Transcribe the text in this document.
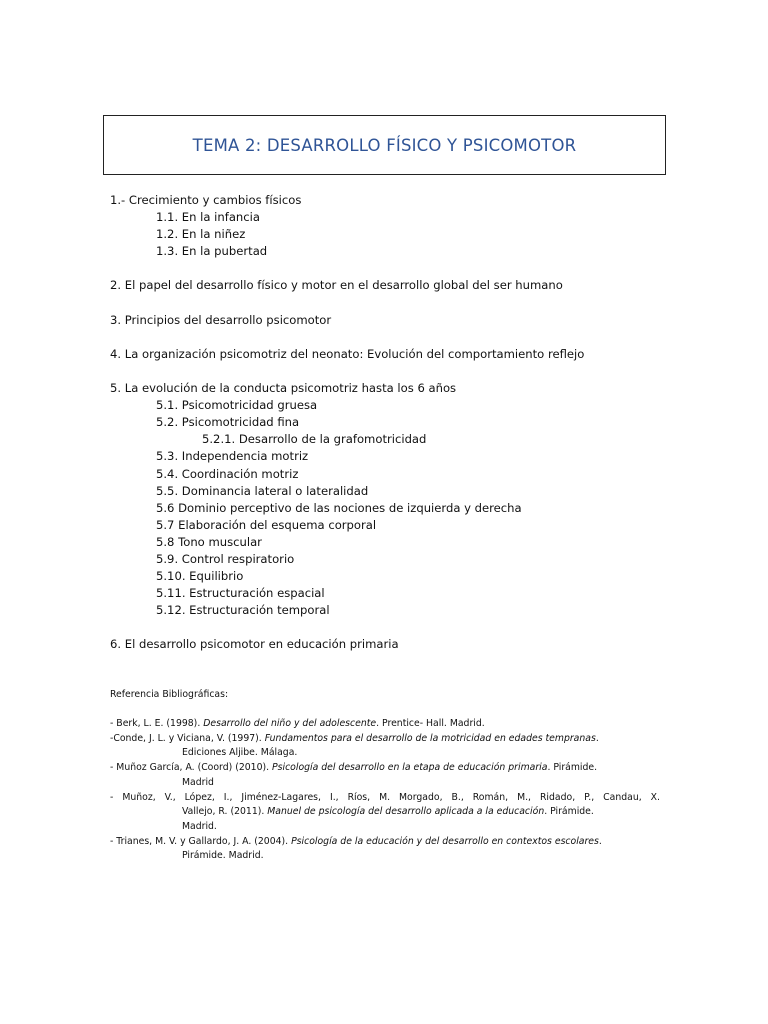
TEMA 2: DESARROLLO FÍSICO Y PSICOMOTOR
1.- Crecimiento y cambios físicos
1.1. En la infancia
1.2. En la niñez
1.3. En la pubertad
2. El papel del desarrollo físico y motor en el desarrollo global del ser humano
3. Principios del desarrollo psicomotor
4. La organización psicomotriz del neonato: Evolución del comportamiento reflejo
5. La evolución de la conducta psicomotriz hasta los 6 años
5.1. Psicomotricidad gruesa
5.2. Psicomotricidad fina
5.2.1. Desarrollo de la grafomotricidad
5.3. Independencia motriz
5.4. Coordinación motriz
5.5. Dominancia lateral o lateralidad
5.6 Dominio perceptivo de las nociones de izquierda y derecha
5.7 Elaboración del esquema corporal
5.8 Tono muscular
5.9. Control respiratorio
5.10. Equilibrio
5.11. Estructuración espacial
5.12. Estructuración temporal
6. El desarrollo psicomotor en educación primaria
Referencia Bibliográficas:
- Berk, L. E. (1998). Desarrollo del niño y del adolescente. Prentice- Hall. Madrid.
-Conde, J. L. y Viciana, V. (1997). Fundamentos para el desarrollo de la motricidad en edades tempranas.
Ediciones Aljibe. Málaga.
- Muñoz García, A. (Coord) (2010). Psicología del desarrollo en la etapa de educación primaria. Pirámide.
Madrid
- Muñoz, V., López, I., Jiménez-Lagares, I., Ríos, M. Morgado, B., Román, M., Ridado, P., Candau, X.
Vallejo, R. (2011). Manuel de psicología del desarrollo aplicada a la educación. Pirámide.
Madrid.
- Trianes, M. V. y Gallardo, J. A. (2004). Psicología de la educación y del desarrollo en contextos escolares.
Pirámide. Madrid.
